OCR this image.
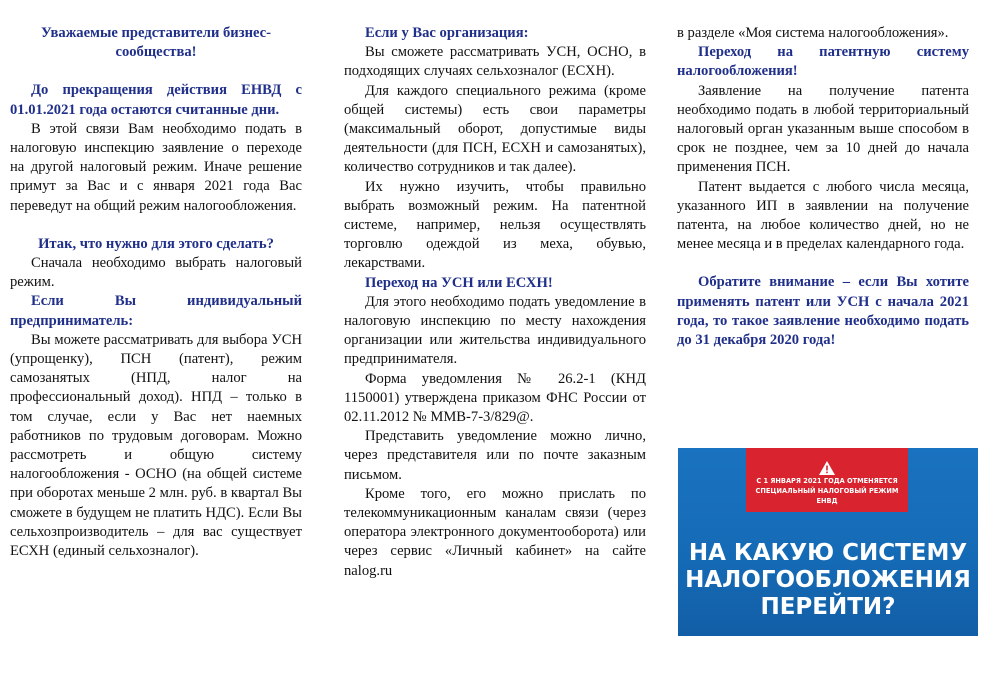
Уважаемые представители бизнес-сообщества!

До прекращения действия ЕНВД с 01.01.2021 года остаются считанные дни.

В этой связи Вам необходимо подать в налоговую инспекцию заявление о переходе на другой налоговый режим. Иначе решение примут за Вас и с января 2021 года Вас переведут на общий режим налогообложения.

Итак, что нужно для этого сделать?

Сначала необходимо выбрать налоговый режим.

Если Вы индивидуальный предприниматель:

Вы можете рассматривать для выбора УСН (упрощенку), ПСН (патент), режим самозанятых (НПД, налог на профессиональный доход). НПД – только в том случае, если у Вас нет наемных работников по трудовым договорам. Можно рассмотреть и общую систему налогообложения - ОСНО (на общей системе при оборотах меньше 2 млн. руб. в квартал Вы сможете в будущем не платить НДС). Если Вы сельхозпроизводитель – для вас существует ЕСХН (единый сельхозналог).

Если у Вас организация:

Вы сможете рассматривать УСН, ОСНО, в подходящих случаях сельхозналог (ЕСХН).

Для каждого специального режима (кроме общей системы) есть свои параметры (максимальный оборот, допустимые виды деятельности (для ПСН, ЕСХН и самозанятых), количество сотрудников и так далее).

Их нужно изучить, чтобы правильно выбрать возможный режим. На патентной системе, например, нельзя осуществлять торговлю одеждой из меха, обувью, лекарствами.

Переход на УСН или ЕСХН!

Для этого необходимо подать уведомление в налоговую инспекцию по месту нахождения организации или жительства индивидуального предпринимателя.

Форма уведомления № 26.2-1 (КНД 1150001) утверждена приказом ФНС России от 02.11.2012 № ММВ-7-3/829@.

Представить уведомление можно лично, через представителя или по почте заказным письмом.

Кроме того, его можно прислать по телекоммуникационным каналам связи (через оператора электронного документооборота) или через сервис «Личный кабинет» на сайте nalog.ru

в разделе «Моя система налогообложения».

Переход на патентную систему налогообложения!

Заявление на получение патента необходимо подать в любой территориальный налоговый орган указанным выше способом в срок не позднее, чем за 10 дней до начала применения ПСН.

Патент выдается с любого числа месяца, указанного ИП в заявлении на получение патента, на любое количество дней, но не менее месяца и в пределах календарного года.

Обратите внимание – если Вы хотите применять патент или УСН с начала 2021 года, то такое заявление необходимо подать до 31 декабря 2020 года!

С 1 ЯНВАРЯ 2021 ГОДА ОТМЕНЯЕТСЯ СПЕЦИАЛЬНЫЙ НАЛОГОВЫЙ РЕЖИМ ЕНВД
НА КАКУЮ СИСТЕМУ НАЛОГООБЛОЖЕНИЯ ПЕРЕЙТИ?
